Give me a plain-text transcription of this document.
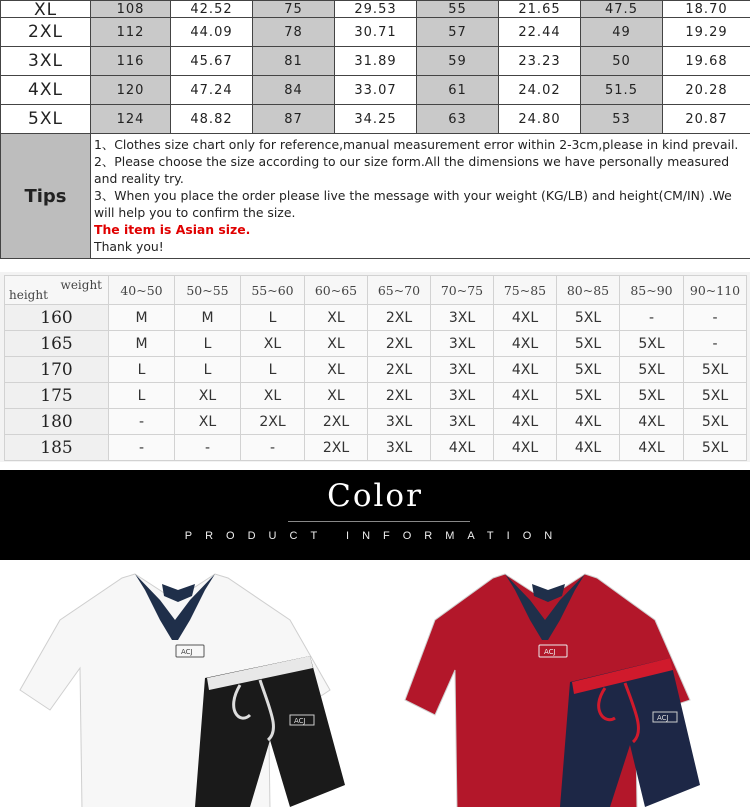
XL	108	42.52	75	29.53	55	21.65	47.5	18.70
2XL	112	44.09	78	30.71	57	22.44	49	19.29
3XL	116	45.67	81	31.89	59	23.23	50	19.68
4XL	120	47.24	84	33.07	61	24.02	51.5	20.28
5XL	124	48.82	87	34.25	63	24.80	53	20.87
Tips	1、Clothes size chart only for reference,manual measurement error within 2-3cm,please in kind prevail.
2、Please choose the size according to our size form.All the dimensions we have personally measured and reality try.
3、When you place the order please live the message with your weight (KG/LB) and height(CM/IN) .We will help you to confirm the size.
The item is Asian size.
Thank you!							
weight
height	40~50	50~55	55~60	60~65	65~70	70~75	75~85	80~85	85~90	90~110
160	M	M	L	XL	2XL	3XL	4XL	5XL	-	-
165	M	L	XL	XL	2XL	3XL	4XL	5XL	5XL	-
170	L	L	L	XL	2XL	3XL	4XL	5XL	5XL	5XL
175	L	XL	XL	XL	2XL	3XL	4XL	5XL	5XL	5XL
180	-	XL	2XL	2XL	3XL	3XL	4XL	4XL	4XL	5XL
185	-	-	-	2XL	3XL	4XL	4XL	4XL	4XL	5XL
Color
PRODUCT INFORMATION
ACJ
ACJ
ACJ
ACJ
